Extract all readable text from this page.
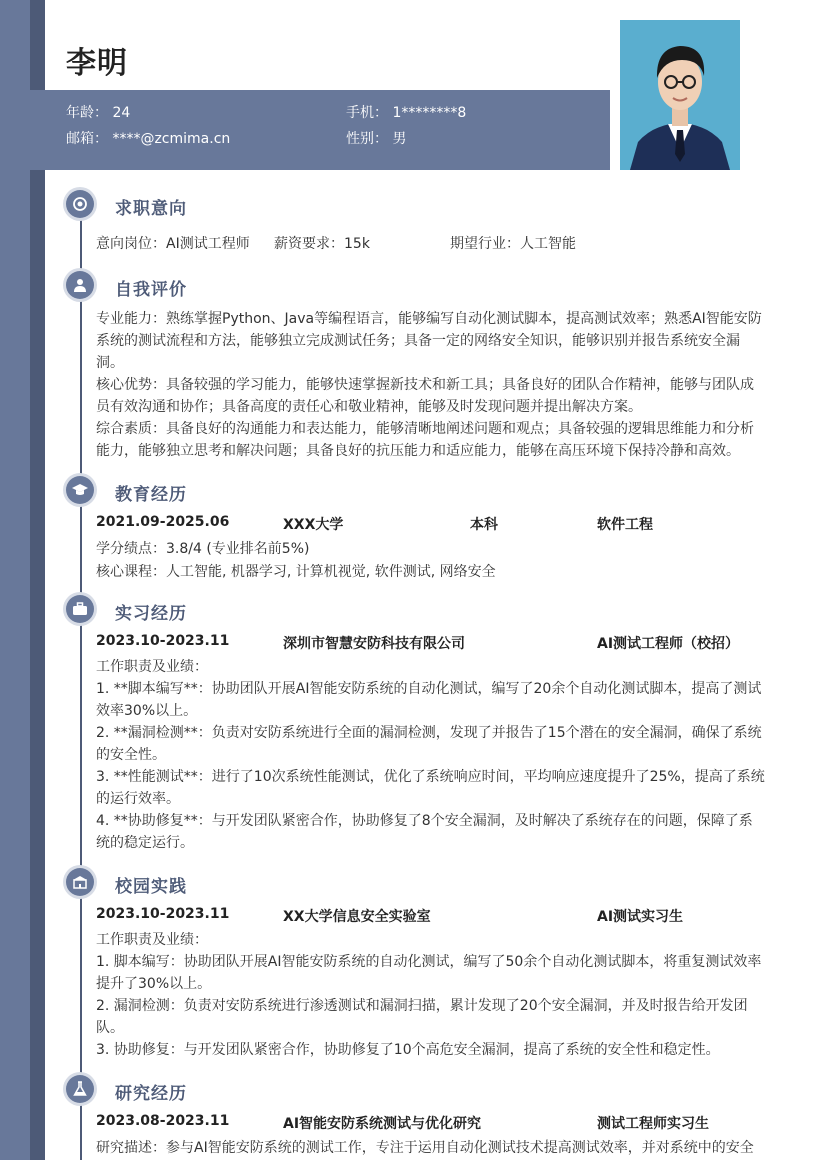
李明
年龄： 24	手机： 1********8
邮箱： ****@zcmima.cn	性别： 男
求职意向
意向岗位：AI测试工程师 薪资要求：15k	期望行业：人工智能
自我评价

专业能力：熟练掌握Python、Java等编程语言，能够编写自动化测试脚本，提高测试效率；熟悉AI智能安防系统的测试流程和方法，能够独立完成测试任务；具备一定的网络安全知识，能够识别并报告系统安全漏洞。

核心优势：具备较强的学习能力，能够快速掌握新技术和新工具；具备良好的团队合作精神，能够与团队成员有效沟通和协作；具备高度的责任心和敬业精神，能够及时发现问题并提出解决方案。

综合素质：具备良好的沟通能力和表达能力，能够清晰地阐述问题和观点；具备较强的逻辑思维能力和分析能力，能够独立思考和解决问题；具备良好的抗压能力和适应能力，能够在高压环境下保持冷静和高效。

教育经历
2021.09-2025.06	XXX大学	本科	软件工程
学分绩点：3.8/4 (专业排名前5%)
核心课程：人工智能, 机器学习, 计算机视觉, 软件测试, 网络安全
实习经历
2023.10-2023.11	深圳市智慧安防科技有限公司	AI测试工程师（校招）

工作职责及业绩：

1. **脚本编写**：协助团队开展AI智能安防系统的自动化测试，编写了20余个自动化测试脚本，提高了测试效率30%以上。

2. **漏洞检测**：负责对安防系统进行全面的漏洞检测，发现了并报告了15个潜在的安全漏洞，确保了系统的安全性。

3. **性能测试**：进行了10次系统性能测试，优化了系统响应时间，平均响应速度提升了25%，提高了系统的运行效率。

4. **协助修复**：与开发团队紧密合作，协助修复了8个安全漏洞，及时解决了系统存在的问题，保障了系统的稳定运行。

校园实践
2023.10-2023.11	XX大学信息安全实验室	AI测试实习生

工作职责及业绩：

1. 脚本编写：协助团队开展AI智能安防系统的自动化测试，编写了50余个自动化测试脚本，将重复测试效率提升了30%以上。

2. 漏洞检测：负责对安防系统进行渗透测试和漏洞扫描，累计发现了20个安全漏洞，并及时报告给开发团队。

3. 协助修复：与开发团队紧密合作，协助修复了10个高危安全漏洞，提高了系统的安全性和稳定性。

研究经历
2023.08-2023.11	AI智能安防系统测试与优化研究	测试工程师实习生
研究描述：参与AI智能安防系统的测试工作，专注于运用自动化测试技术提高测试效率，并对系统中的安全
